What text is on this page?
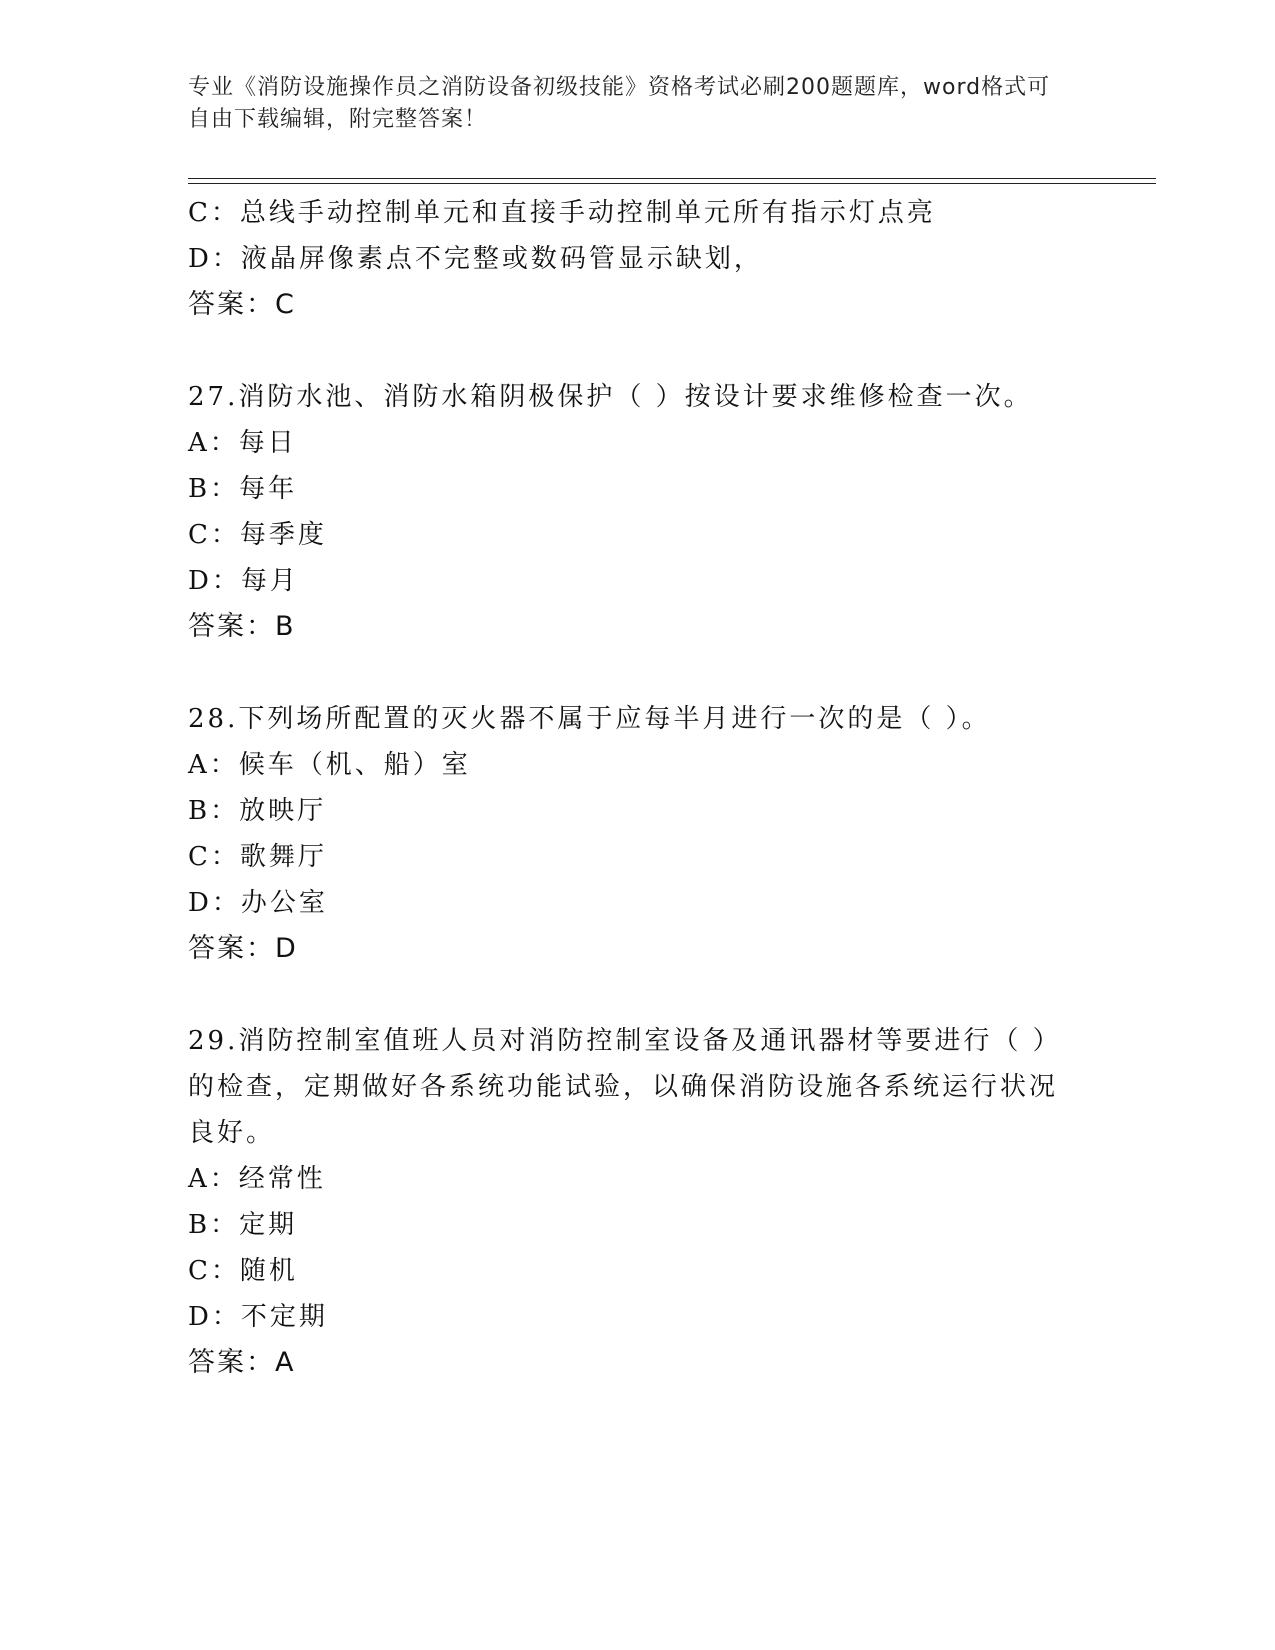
专业《消防设施操作员之消防设备初级技能》资格考试必刷200题题库，word格式可自由下载编辑，附完整答案！
C：总线手动控制单元和直接手动控制单元所有指示灯点亮
D：液晶屏像素点不完整或数码管显示缺划，
答案：C
27.消防水池、消防水箱阴极保护（ ）按设计要求维修检查一次。
A：每日
B：每年
C：每季度
D：每月
答案：B
28.下列场所配置的灭火器不属于应每半月进行一次的是（ ）。
A：候车（机、船）室
B：放映厅
C：歌舞厅
D：办公室
答案：D
29.消防控制室值班人员对消防控制室设备及通讯器材等要进行（ ）的检查，定期做好各系统功能试验，以确保消防设施各系统运行状况良好。
A：经常性
B：定期
C：随机
D：不定期
答案：A
